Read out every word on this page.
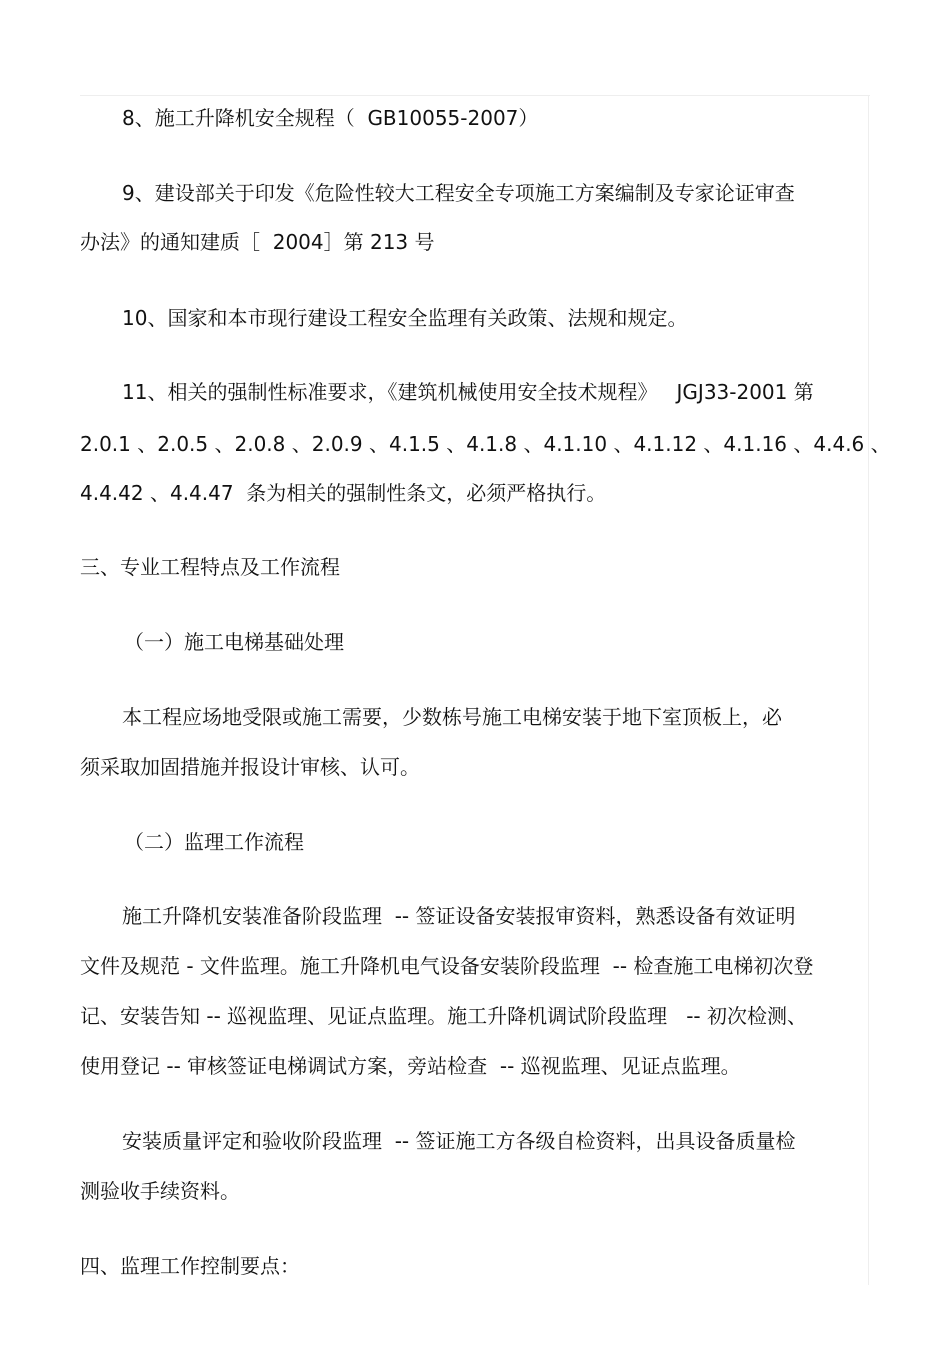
8、施工升降机安全规程（  GB10055-2007）
9、建设部关于印发《危险性较大工程安全专项施工方案编制及专家论证审查
办法》的通知建质［  2004］第 213 号
10、国家和本市现行建设工程安全监理有关政策、法规和规定。
11、相关的强制性标准要求，《建筑机械使用安全技术规程》   JGJ33-2001 第
2.0.1 、2.0.5 、2.0.8 、2.0.9 、4.1.5 、4.1.8 、4.1.10 、4.1.12 、4.1.16 、4.4.6 、
4.4.42 、4.4.47  条为相关的强制性条文，必须严格执行。
三、专业工程特点及工作流程
（一）施工电梯基础处理
本工程应场地受限或施工需要，少数栋号施工电梯安装于地下室顶板上，必
须采取加固措施并报设计审核、认可。
（二）监理工作流程
施工升降机安装准备阶段监理  -- 签证设备安装报审资料，熟悉设备有效证明
文件及规范 - 文件监理。施工升降机电气设备安装阶段监理  -- 检查施工电梯初次登
记、安装告知 -- 巡视监理、见证点监理。施工升降机调试阶段监理   -- 初次检测、
使用登记 -- 审核签证电梯调试方案，旁站检查  -- 巡视监理、见证点监理。
安装质量评定和验收阶段监理  -- 签证施工方各级自检资料，出具设备质量检
测验收手续资料。
四、监理工作控制要点：
